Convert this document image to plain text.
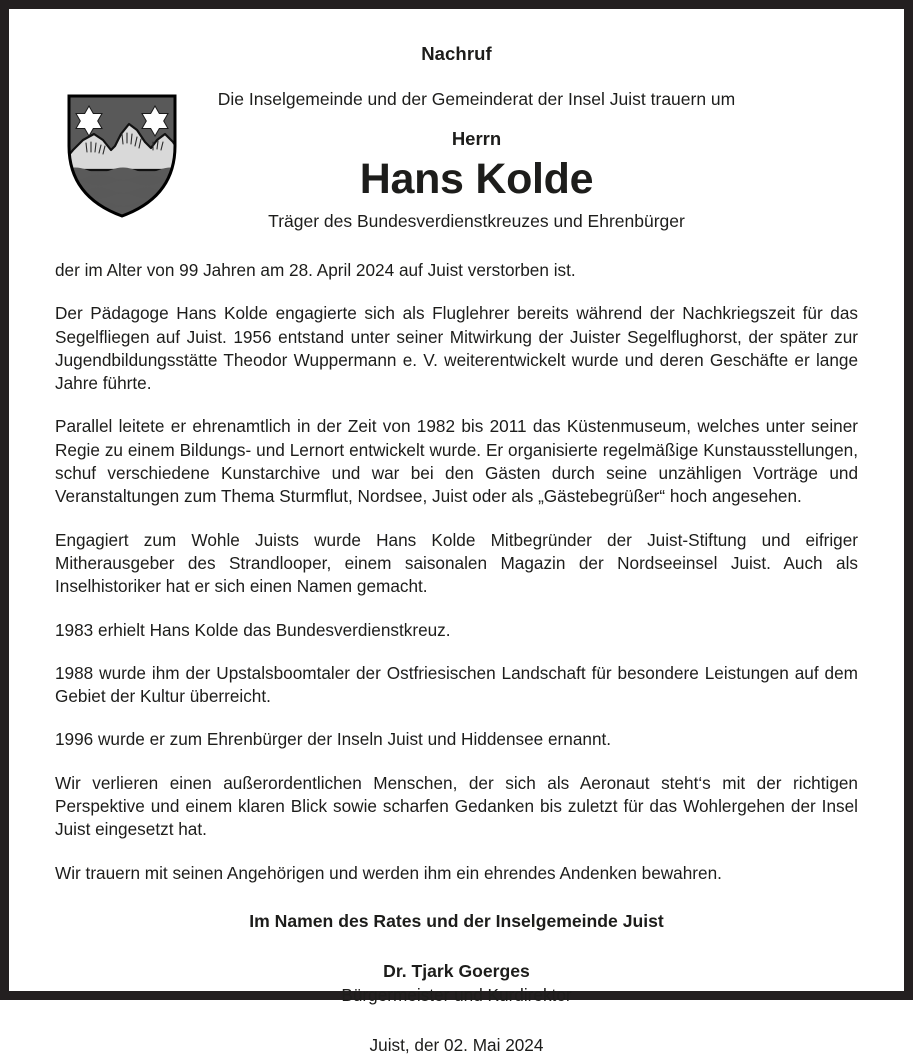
Nachruf

Die Inselgemeinde und der Gemeinderat der Insel Juist trauern um

Herrn

Hans Kolde

Träger des Bundesverdienstkreuzes und Ehrenbürger

der im Alter von 99 Jahren am 28. April 2024 auf Juist verstorben ist.

Der Pädagoge Hans Kolde engagierte sich als Fluglehrer bereits während der Nachkriegszeit für das Segelfliegen auf Juist. 1956 entstand unter seiner Mitwirkung der Juister Segelflughorst, der später zur Jugendbildungsstätte Theodor Wuppermann e. V. weiterentwickelt wurde und deren Geschäfte er lange Jahre führte.

Parallel leitete er ehrenamtlich in der Zeit von 1982 bis 2011 das Küstenmuseum, welches unter seiner Regie zu einem Bildungs- und Lernort entwickelt wurde. Er organisierte regelmäßige Kunstausstellungen, schuf verschiedene Kunstarchive und war bei den Gästen durch seine unzähligen Vorträge und Veranstaltungen zum Thema Sturmflut, Nordsee, Juist oder als „Gästebegrüßer“ hoch angesehen.

Engagiert zum Wohle Juists wurde Hans Kolde Mitbegründer der Juist-Stiftung und eifriger Mitherausgeber des Strandlooper, einem saisonalen Magazin der Nordseeinsel Juist. Auch als Inselhistoriker hat er sich einen Namen gemacht.

1983 erhielt Hans Kolde das Bundesverdienstkreuz.

1988 wurde ihm der Upstalsboomtaler der Ostfriesischen Landschaft für besondere Leistungen auf dem Gebiet der Kultur überreicht.

1996 wurde er zum Ehrenbürger der Inseln Juist und Hiddensee ernannt.

Wir verlieren einen außerordentlichen Menschen, der sich als Aeronaut steht‘s mit der richtigen Perspektive und einem klaren Blick sowie scharfen Gedanken bis zuletzt für das Wohlergehen der Insel Juist eingesetzt hat.

Wir trauern mit seinen Angehörigen und werden ihm ein ehrendes Andenken bewahren.

Im Namen des Rates und der Inselgemeinde Juist

Dr. Tjark Goerges

Bürgermeister und Kurdirektor

Juist, der 02. Mai 2024
